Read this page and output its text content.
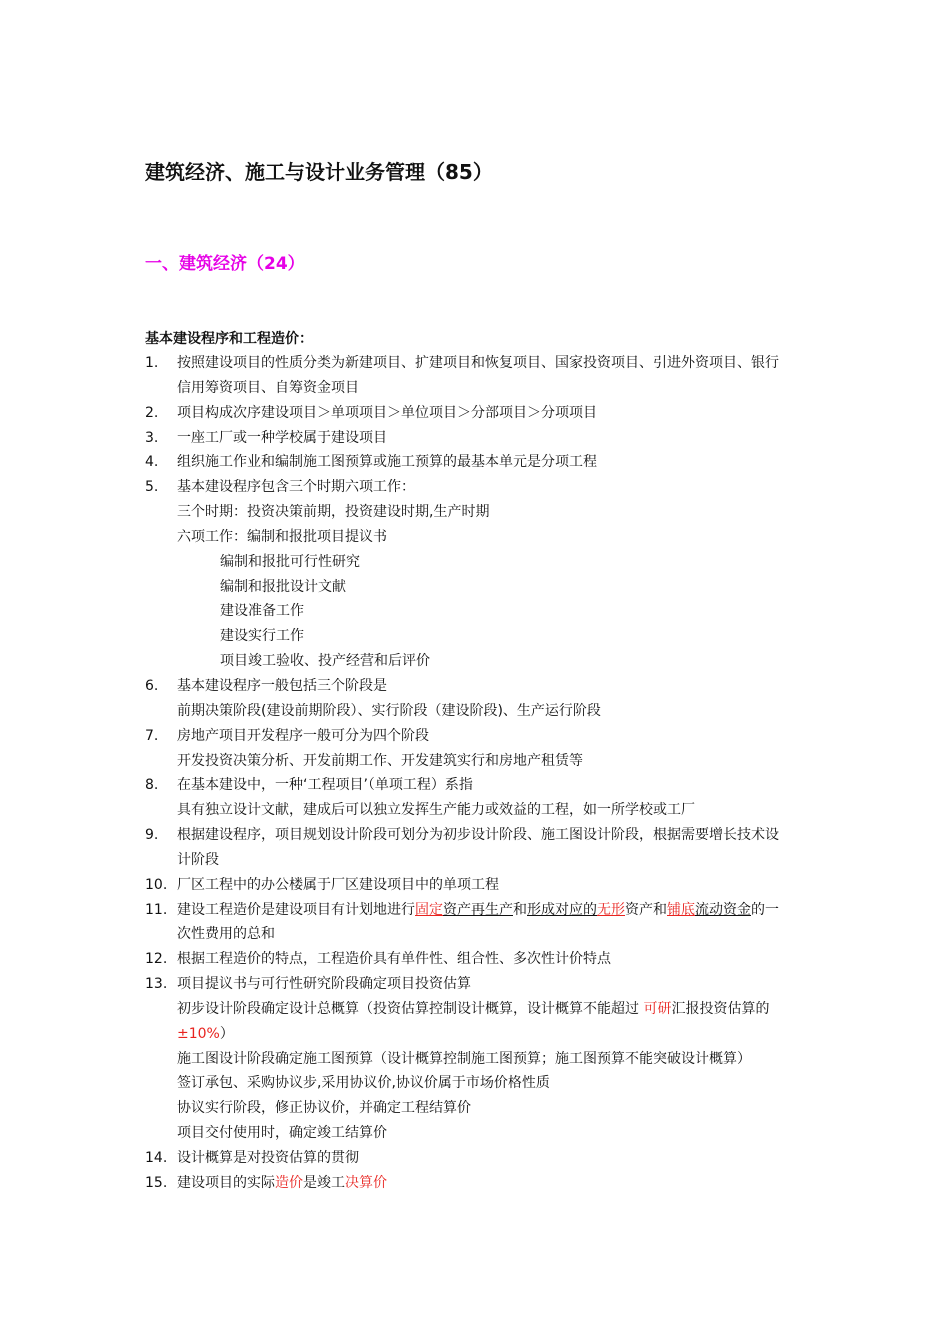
建筑经济、施工与设计业务管理（85）
一、建筑经济（24）
基本建设程序和工程造价：
1. 按照建设项目的性质分类为新建项目、扩建项目和恢复项目、国家投资项目、引进外资项目、银行
信用筹资项目、自筹资金项目
2. 项目构成次序建设项目＞单项项目＞单位项目＞分部项目＞分项项目
3. 一座工厂或一种学校属于建设项目
4. 组织施工作业和编制施工图预算或施工预算的最基本单元是分项工程
5. 基本建设程序包含三个时期六项工作：
三个时期：投资决策前期，投资建设时期,生产时期
六项工作：编制和报批项目提议书
编制和报批可行性研究
编制和报批设计文献
建设准备工作
建设实行工作
项目竣工验收、投产经营和后评价
6. 基本建设程序一般包括三个阶段是
前期决策阶段(建设前期阶段）、实行阶段（建设阶段)、生产运行阶段
7. 房地产项目开发程序一般可分为四个阶段
开发投资决策分析、开发前期工作、开发建筑实行和房地产租赁等
8. 在基本建设中，一种‘工程项目’（单项工程）系指
具有独立设计文献，建成后可以独立发挥生产能力或效益的工程，如一所学校或工厂
9. 根据建设程序，项目规划设计阶段可划分为初步设计阶段、施工图设计阶段，根据需要增长技术设
计阶段
10. 厂区工程中的办公楼属于厂区建设项目中的单项工程
11. 建设工程造价是建设项目有计划地进行固定资产再生产和形成对应的无形资产和铺底流动资金的一
次性费用的总和
12. 根据工程造价的特点，工程造价具有单件性、组合性、多次性计价特点
13. 项目提议书与可行性研究阶段确定项目投资估算
初步设计阶段确定设计总概算（投资估算控制设计概算，设计概算不能超过 可研汇报投资估算的
±10%）
施工图设计阶段确定施工图预算（设计概算控制施工图预算；施工图预算不能突破设计概算）
签订承包、采购协议步,采用协议价,协议价属于市场价格性质
协议实行阶段，修正协议价，并确定工程结算价
项目交付使用时，确定竣工结算价
14. 设计概算是对投资估算的贯彻
15. 建设项目的实际造价是竣工决算价
